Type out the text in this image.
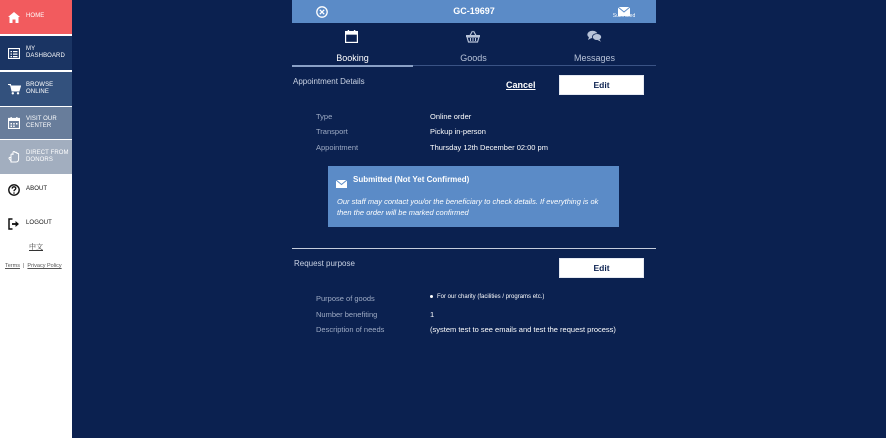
HOME
MY DASHBOARD
BROWSE ONLINE
VISIT OUR CENTER
DIRECT FROM DONORS
ABOUT
LOGOUT
中文
Terms | Privacy Policy
GC-19697	Submitted
Booking	Goods	Messages
Appointment Details	Cancel	Edit
Type	Online order
Transport	Pickup in-person
Appointment	Thursday 12th December 02:00 pm
Submitted (Not Yet Confirmed)
Our staff may contact you/or the beneficiary to check details. If everything is ok then the order will be marked confirmed
Request purpose	Edit
Purpose of goods	For our charity (facilities / programs etc.)
Number benefiting	1
Description of needs	(system test to see emails and test the request process)
